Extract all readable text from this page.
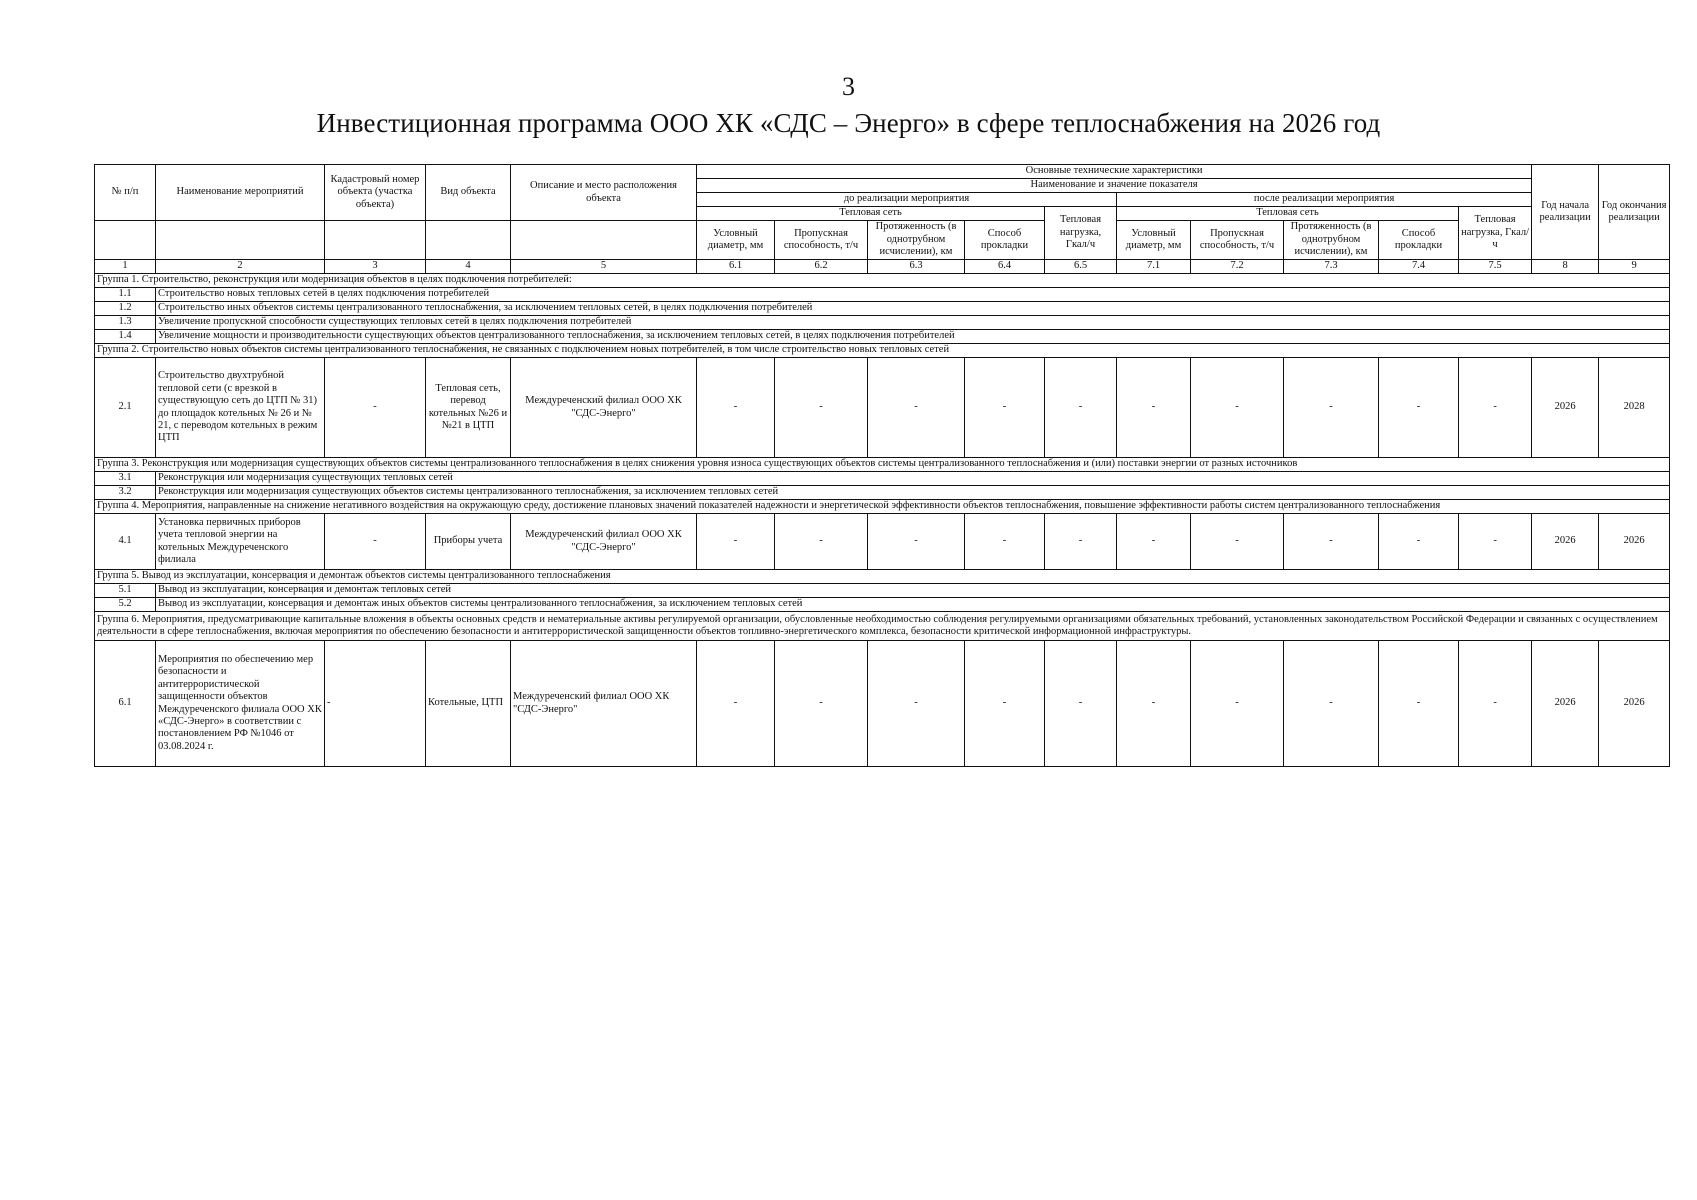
3
Инвестиционная программа ООО ХК «СДС – Энерго» в сфере теплоснабжения на 2026 год
№ п/п	Наименование мероприятий	Кадастровый номер объекта (участка объекта)	Вид объекта	Описание и место расположения объекта	Основные технические характеристики										Год начала реализации	Год окончания реализации
					Наименование и значение показателя											
					до реализации мероприятия					после реализации мероприятия						
					Тепловая сеть				Тепловая нагрузка, Гкал/ч	Тепловая сеть				Тепловая нагрузка, Гкал/ч		
					Условный диаметр, мм	Пропускная способность, т/ч	Протяженность (в однотрубном исчислении), км	Способ прокладки		Условный диаметр, мм	Пропускная способность, т/ч	Протяженность (в однотрубном исчислении), км	Способ прокладки			
1	2	3	4	5	6.1	6.2	6.3	6.4	6.5	7.1	7.2	7.3	7.4	7.5	8	9
Группа 1. Строительство, реконструкция или модернизация объектов в целях подключения потребителей:																
1.1	Строительство новых тепловых сетей в целях подключения потребителей															
1.2	Строительство иных объектов системы централизованного теплоснабжения, за исключением тепловых сетей, в целях подключения потребителей															
1.3	Увеличение пропускной способности существующих тепловых сетей в целях подключения потребителей															
1.4	Увеличение мощности и производительности существующих объектов централизованного теплоснабжения, за исключением тепловых сетей, в целях подключения потребителей															
Группа 2. Строительство новых объектов системы централизованного теплоснабжения, не связанных с подключением новых потребителей, в том числе строительство новых тепловых сетей																
2.1	Строительство двухтрубной тепловой сети (с врезкой в существующую сеть до ЦТП № 31) до площадок котельных № 26 и № 21, с переводом котельных в режим ЦТП	-	Тепловая сеть, перевод котельных №26 и №21 в ЦТП	Междуреченский филиал ООО ХК "СДС-Энерго"	-	-	-	-	-	-	-	-	-	-	2026	2028
Группа 3. Реконструкция или модернизация существующих объектов системы централизованного теплоснабжения в целях снижения уровня износа существующих объектов системы централизованного теплоснабжения и (или) поставки энергии от разных источников																
3.1	Реконструкция или модернизация существующих тепловых сетей															
3.2	Реконструкция или модернизация существующих объектов системы централизованного теплоснабжения, за исключением тепловых сетей															
Группа 4. Мероприятия, направленные на снижение негативного воздействия на окружающую среду, достижение плановых значений показателей надежности и энергетической эффективности объектов теплоснабжения, повышение эффективности работы систем централизованного теплоснабжения																
4.1	Установка первичных приборов учета тепловой энергии на котельных Междуреченского филиала	-	Приборы учета	Междуреченский филиал ООО ХК "СДС-Энерго"	-	-	-	-	-	-	-	-	-	-	2026	2026
Группа 5. Вывод из эксплуатации, консервация и демонтаж объектов системы централизованного теплоснабжения																
5.1	Вывод из эксплуатации, консервация и демонтаж тепловых сетей															
5.2	Вывод из эксплуатации, консервация и демонтаж иных объектов системы централизованного теплоснабжения, за исключением тепловых сетей															
Группа 6. Мероприятия, предусматривающие капитальные вложения в объекты основных средств и нематериальные активы регулируемой организации, обусловленные необходимостью соблюдения регулируемыми организациями обязательных требований, установленных законодательством Российской Федерации и связанных с осуществлением деятельности в сфере теплоснабжения, включая мероприятия по обеспечению безопасности и антитеррористической защищенности объектов топливно-энергетического комплекса, безопасности критической информационной инфраструктуры.																
6.1	Мероприятия по обеспечению мер безопасности и антитеррористической защищенности объектов Междуреченского филиала ООО ХК «СДС-Энерго» в соответствии с постановлением РФ №1046 от 03.08.2024 г.	-	Котельные, ЦТП	Междуреченский филиал ООО ХК "СДС-Энерго"	-	-	-	-	-	-	-	-	-	-	2026	2026
